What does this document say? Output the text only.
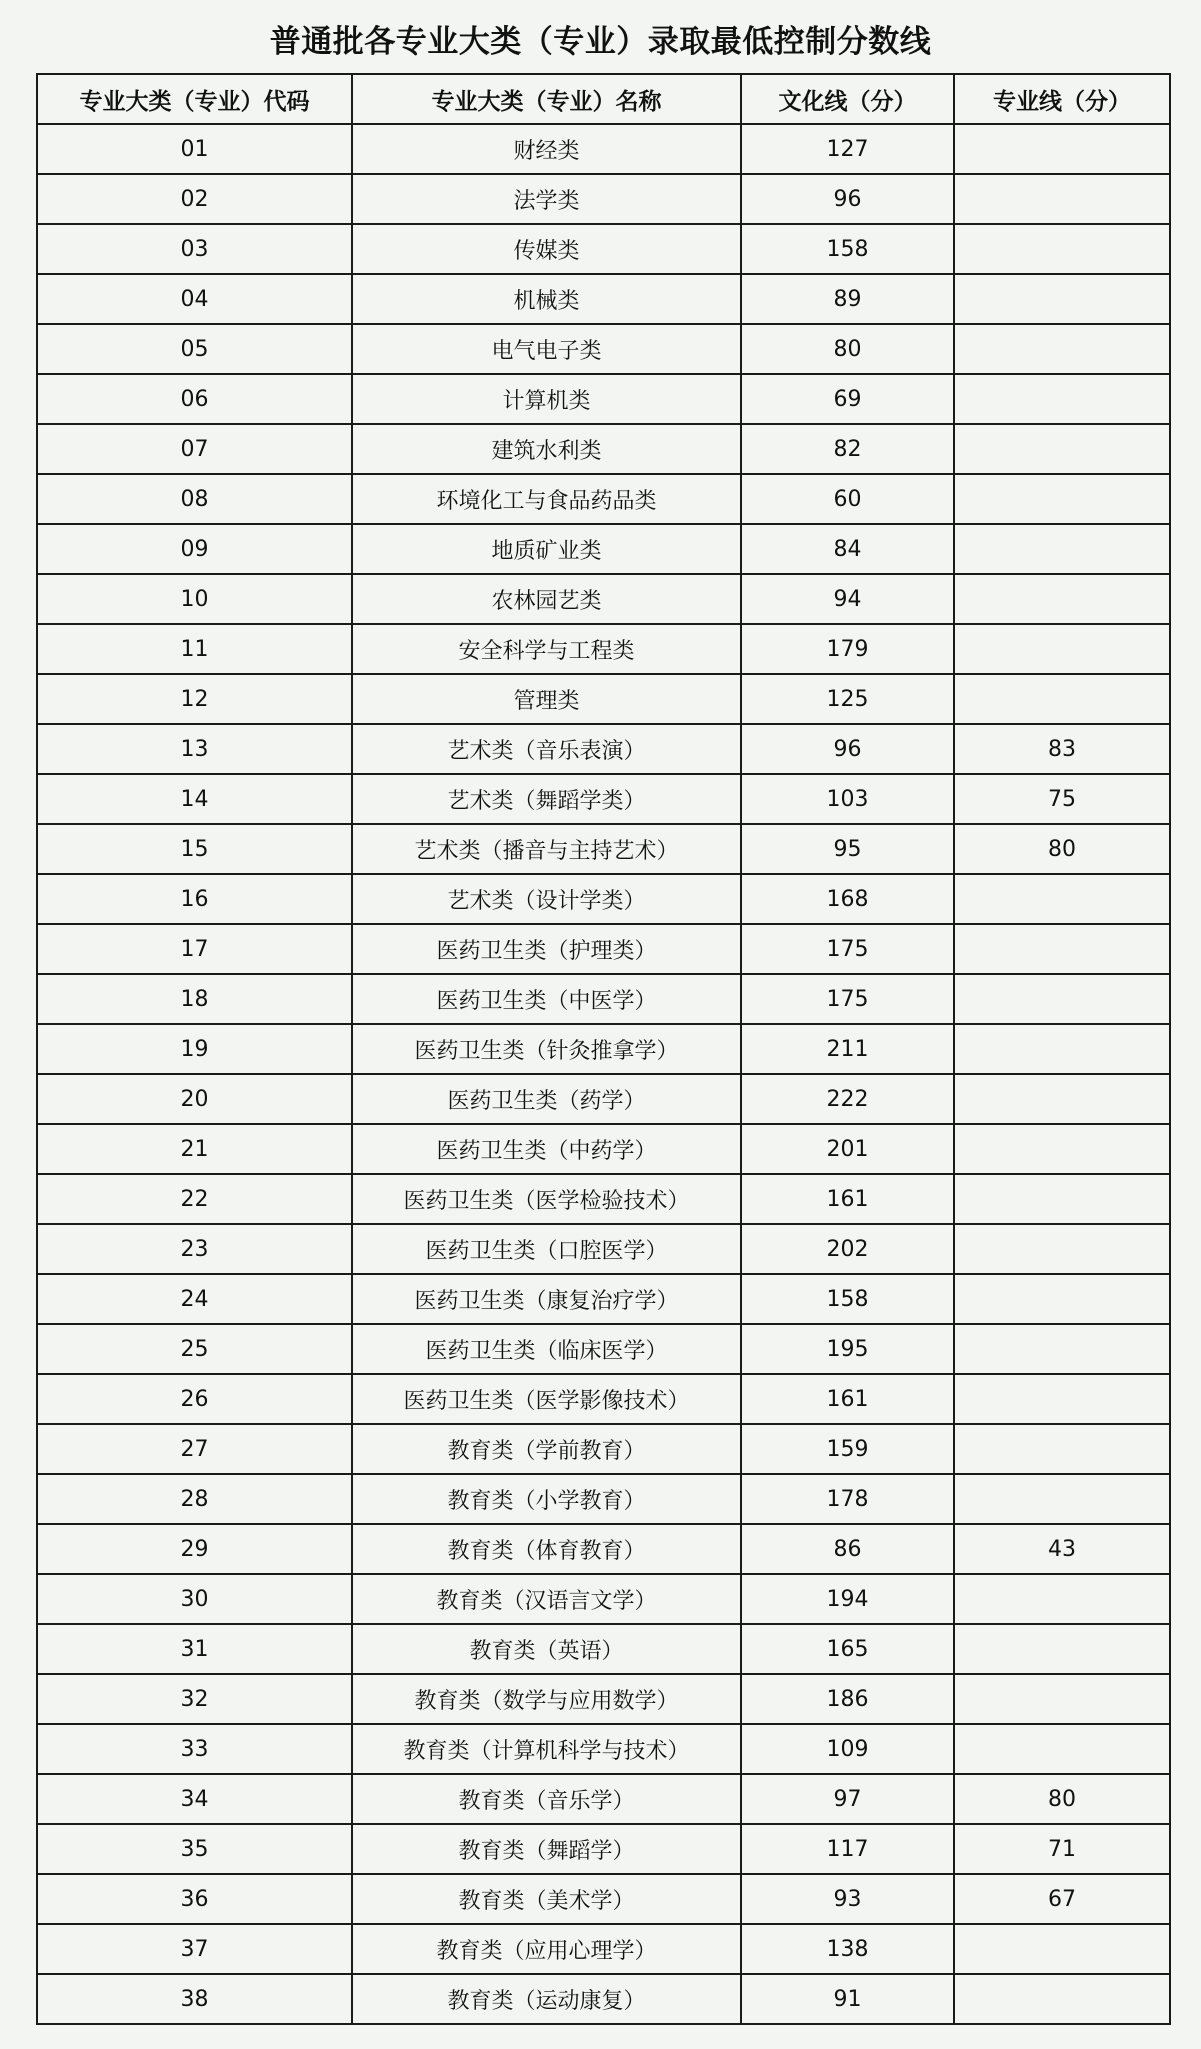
普通批各专业大类（专业）录取最低控制分数线
专业大类（专业）代码	专业大类（专业）名称	文化线（分）	专业线（分）
01	财经类	127	
02	法学类	96	
03	传媒类	158	
04	机械类	89	
05	电气电子类	80	
06	计算机类	69	
07	建筑水利类	82	
08	环境化工与食品药品类	60	
09	地质矿业类	84	
10	农林园艺类	94	
11	安全科学与工程类	179	
12	管理类	125	
13	艺术类（音乐表演）	96	83
14	艺术类（舞蹈学类）	103	75
15	艺术类（播音与主持艺术）	95	80
16	艺术类（设计学类）	168	
17	医药卫生类（护理类）	175	
18	医药卫生类（中医学）	175	
19	医药卫生类（针灸推拿学）	211	
20	医药卫生类（药学）	222	
21	医药卫生类（中药学）	201	
22	医药卫生类（医学检验技术）	161	
23	医药卫生类（口腔医学）	202	
24	医药卫生类（康复治疗学）	158	
25	医药卫生类（临床医学）	195	
26	医药卫生类（医学影像技术）	161	
27	教育类（学前教育）	159	
28	教育类（小学教育）	178	
29	教育类（体育教育）	86	43
30	教育类（汉语言文学）	194	
31	教育类（英语）	165	
32	教育类（数学与应用数学）	186	
33	教育类（计算机科学与技术）	109	
34	教育类（音乐学）	97	80
35	教育类（舞蹈学）	117	71
36	教育类（美术学）	93	67
37	教育类（应用心理学）	138	
38	教育类（运动康复）	91	
